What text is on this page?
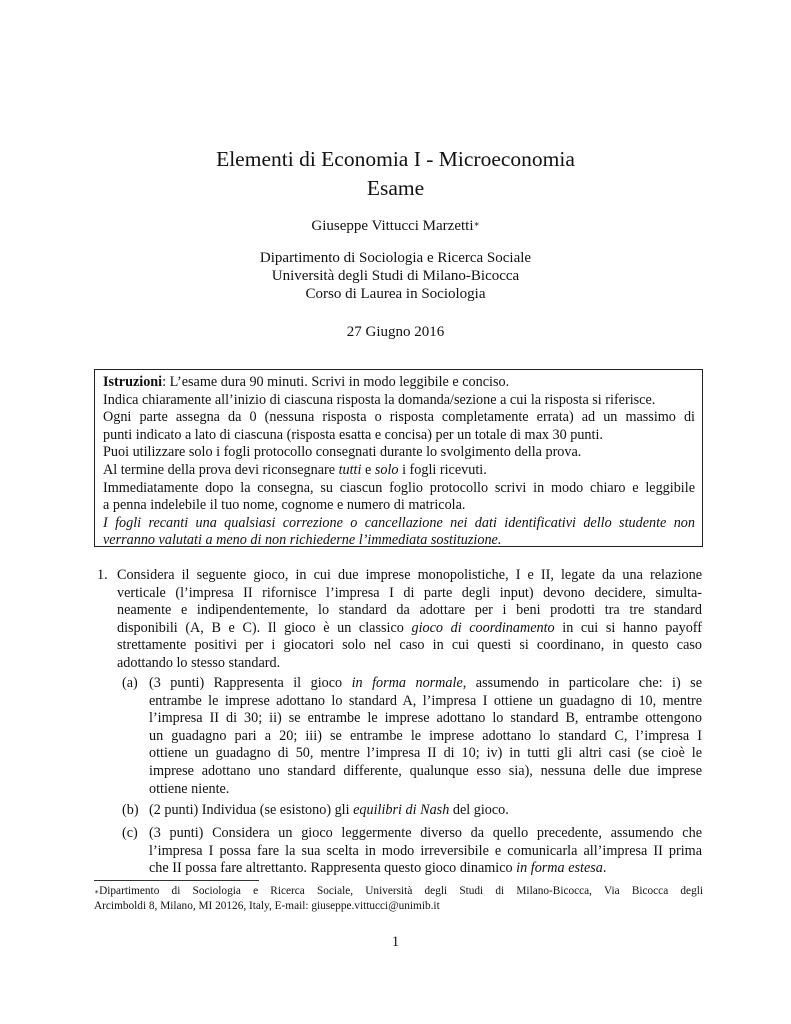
Elementi di Economia I - Microeconomia
Esame
Giuseppe Vittucci Marzetti∗
Dipartimento di Sociologia e Ricerca Sociale
Università degli Studi di Milano-Bicocca
Corso di Laurea in Sociologia
27 Giugno 2016
Istruzioni: L’esame dura 90 minuti. Scrivi in modo leggibile e conciso.
Indica chiaramente all’inizio di ciascuna risposta la domanda/sezione a cui la risposta si riferisce.
Ogni parte assegna da 0 (nessuna risposta o risposta completamente errata) ad un massimo di
punti indicato a lato di ciascuna (risposta esatta e concisa) per un totale di max 30 punti.
Puoi utilizzare solo i fogli protocollo consegnati durante lo svolgimento della prova.
Al termine della prova devi riconsegnare tutti e solo i fogli ricevuti.
Immediatamente dopo la consegna, su ciascun foglio protocollo scrivi in modo chiaro e leggibile
a penna indelebile il tuo nome, cognome e numero di matricola.
I fogli recanti una qualsiasi correzione o cancellazione nei dati identificativi dello studente non
verranno valutati a meno di non richiederne l’immediata sostituzione.
1. Considera il seguente gioco, in cui due imprese monopolistiche, I e II, legate da una relazione
verticale (l’impresa II rifornisce l’impresa I di parte degli input) devono decidere, simulta-
neamente e indipendentemente, lo standard da adottare per i beni prodotti tra tre standard
disponibili (A, B e C). Il gioco è un classico gioco di coordinamento in cui si hanno payoff
strettamente positivi per i giocatori solo nel caso in cui questi si coordinano, in questo caso
adottando lo stesso standard.
(a) (3 punti) Rappresenta il gioco in forma normale, assumendo in particolare che: i) se
entrambe le imprese adottano lo standard A, l’impresa I ottiene un guadagno di 10, mentre
l’impresa II di 30; ii) se entrambe le imprese adottano lo standard B, entrambe ottengono
un guadagno pari a 20; iii) se entrambe le imprese adottano lo standard C, l’impresa I
ottiene un guadagno di 50, mentre l’impresa II di 10; iv) in tutti gli altri casi (se cioè le
imprese adottano uno standard differente, qualunque esso sia), nessuna delle due imprese
ottiene niente.
(b) (2 punti) Individua (se esistono) gli equilibri di Nash del gioco.
(c) (3 punti) Considera un gioco leggermente diverso da quello precedente, assumendo che
l’impresa I possa fare la sua scelta in modo irreversibile e comunicarla all’impresa II prima
che II possa fare altrettanto. Rappresenta questo gioco dinamico in forma estesa.
∗Dipartimento di Sociologia e Ricerca Sociale, Università degli Studi di Milano-Bicocca, Via Bicocca degli
Arcimboldi 8, Milano, MI 20126, Italy, E-mail: giuseppe.vittucci@unimib.it
1
